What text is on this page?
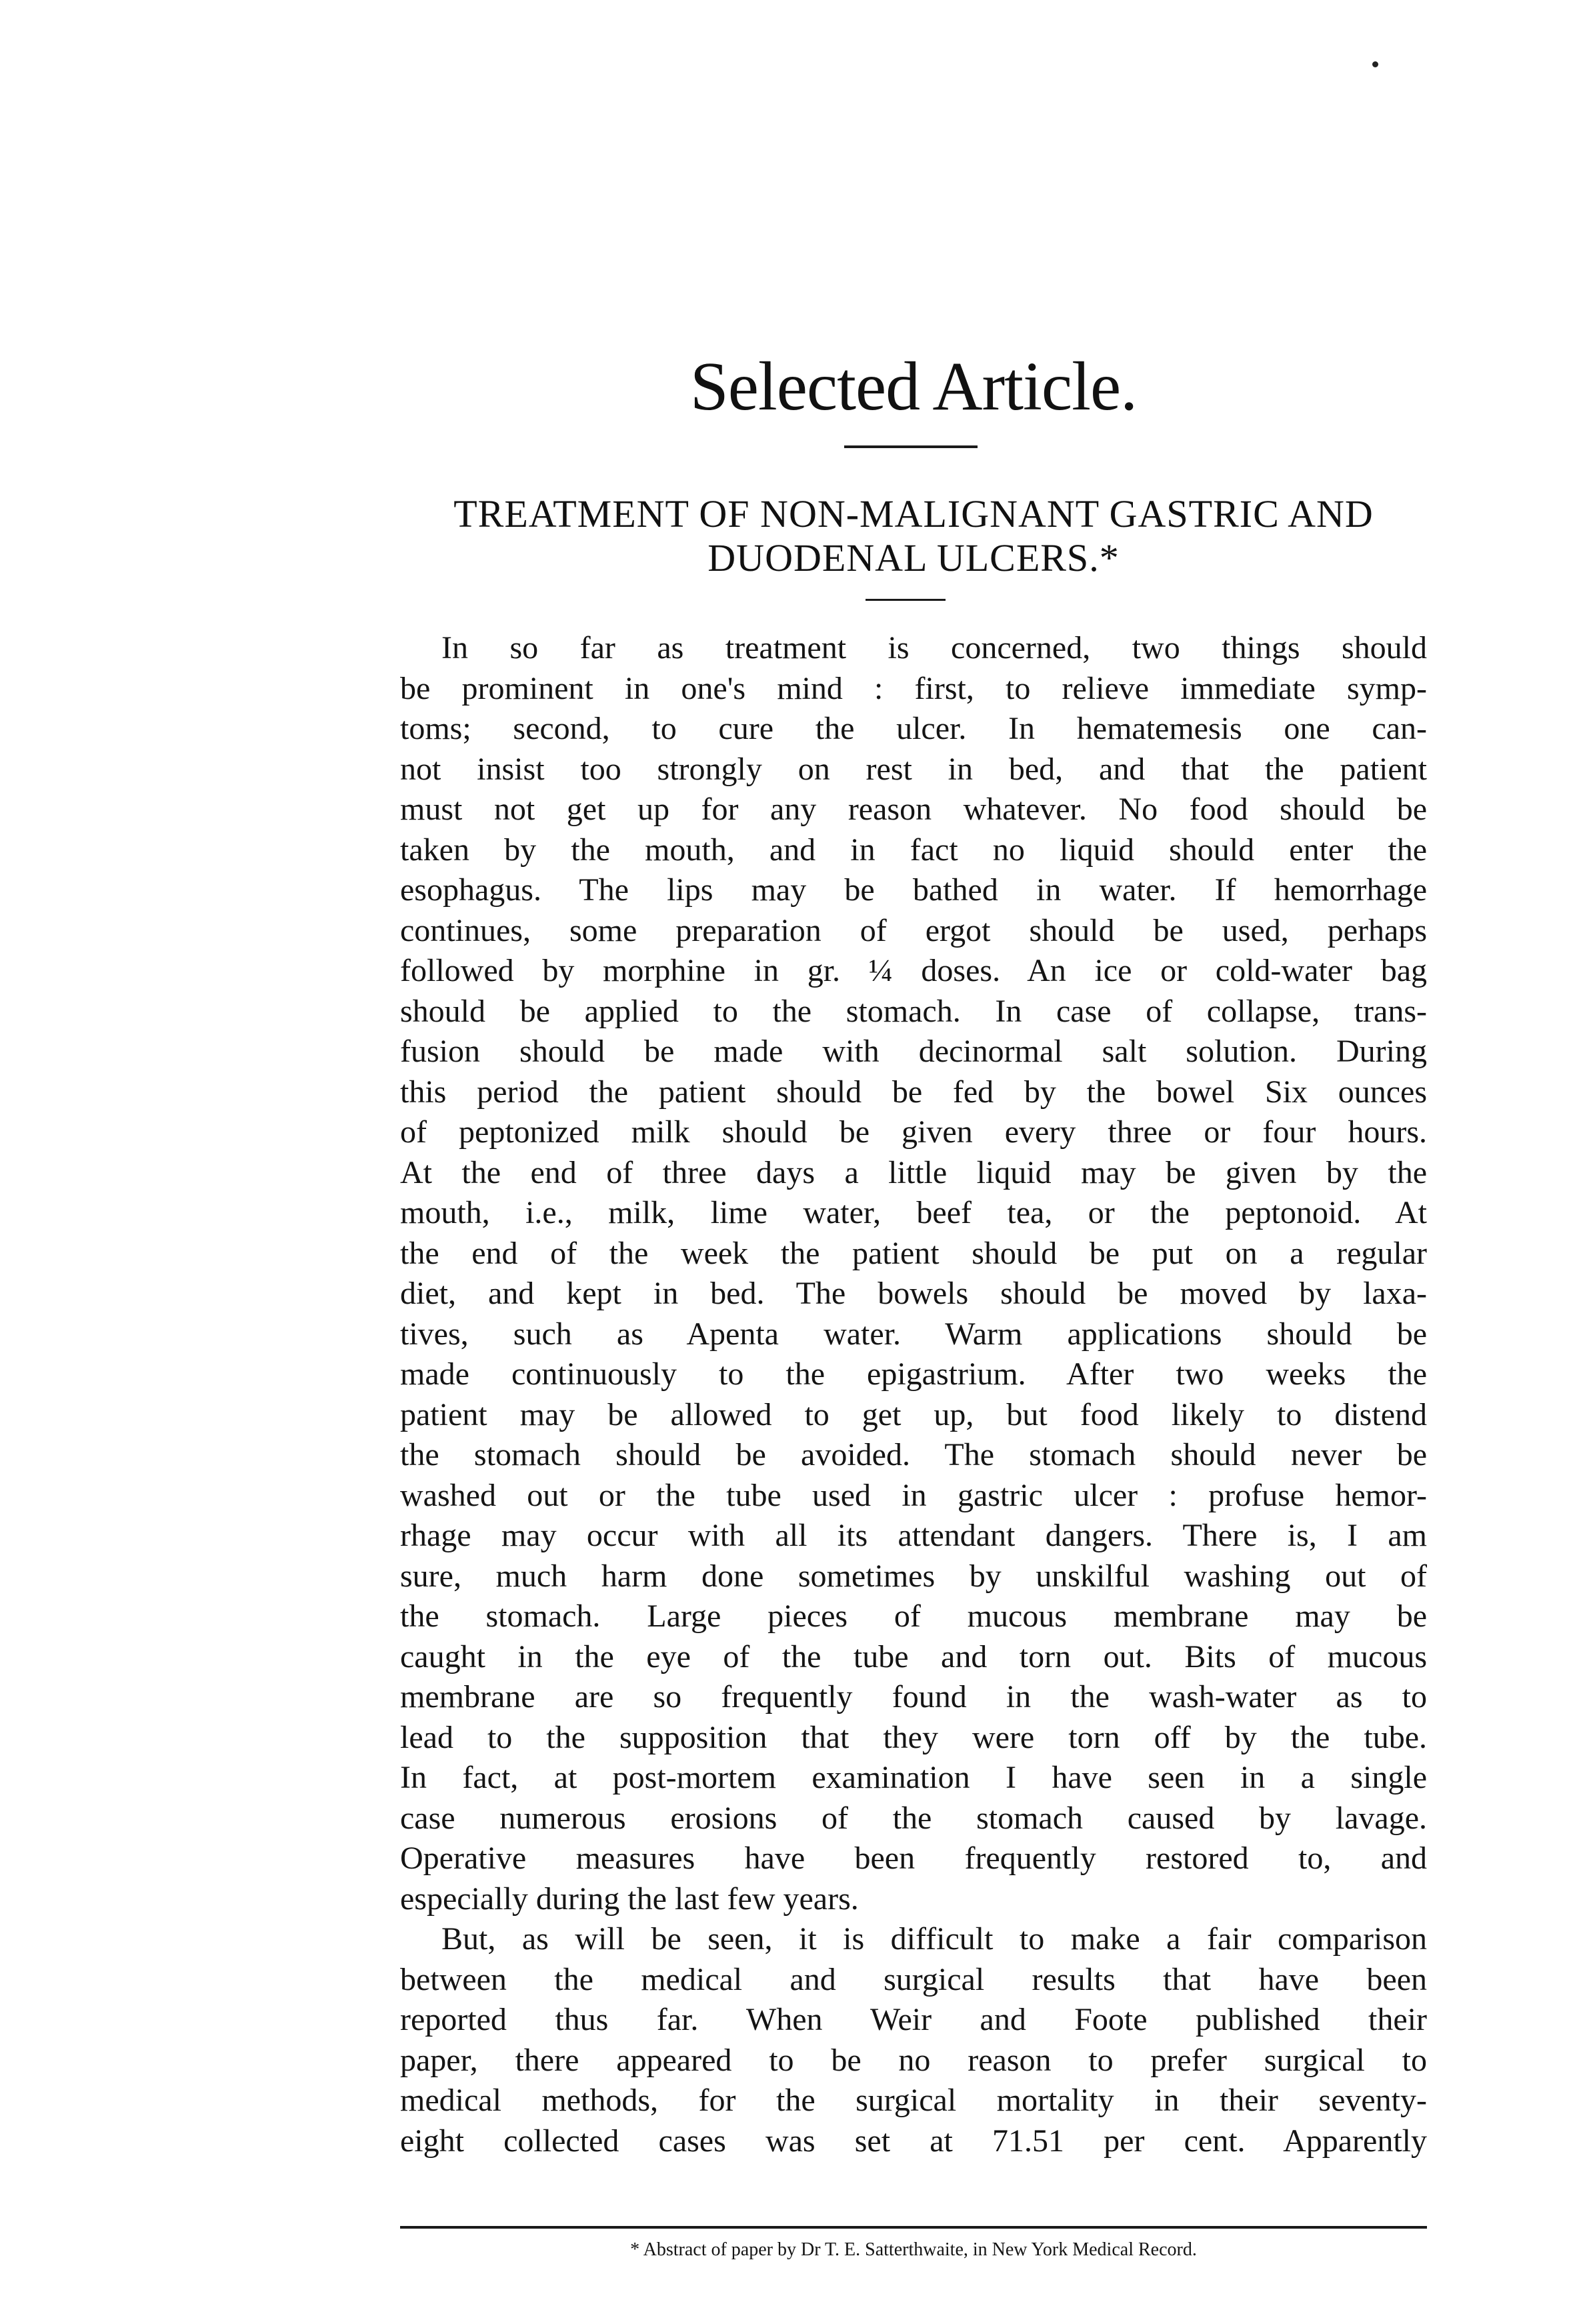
Selected Article.
TREATMENT OF NON-MALIGNANT GASTRIC AND
DUODENAL ULCERS.*
In so far as treatment is concerned, two things should
be prominent in one's mind : first, to relieve immediate symp-
toms; second, to cure the ulcer. In hematemesis one can-
not insist too strongly on rest in bed, and that the patient
must not get up for any reason whatever. No food should be
taken by the mouth, and in fact no liquid should enter the
esophagus. The lips may be bathed in water. If hemorrhage
continues, some preparation of ergot should be used, perhaps
followed by morphine in gr. ¼ doses. An ice or cold-water bag
should be applied to the stomach. In case of collapse, trans-
fusion should be made with decinormal salt solution. During
this period the patient should be fed by the bowel Six ounces
of peptonized milk should be given every three or four hours.
At the end of three days a little liquid may be given by the
mouth, i.e., milk, lime water, beef tea, or the peptonoid. At
the end of the week the patient should be put on a regular
diet, and kept in bed. The bowels should be moved by laxa-
tives, such as Apenta water. Warm applications should be
made continuously to the epigastrium. After two weeks the
patient may be allowed to get up, but food likely to distend
the stomach should be avoided. The stomach should never be
washed out or the tube used in gastric ulcer : profuse hemor-
rhage may occur with all its attendant dangers. There is, I am
sure, much harm done sometimes by unskilful washing out of
the stomach. Large pieces of mucous membrane may be
caught in the eye of the tube and torn out. Bits of mucous
membrane are so frequently found in the wash-water as to
lead to the supposition that they were torn off by the tube.
In fact, at post-mortem examination I have seen in a single
case numerous erosions of the stomach caused by lavage.
Operative measures have been frequently restored to, and
especially during the last few years.
But, as will be seen, it is difficult to make a fair comparison
between the medical and surgical results that have been
reported thus far. When Weir and Foote published their
paper, there appeared to be no reason to prefer surgical to
medical methods, for the surgical mortality in their seventy-
eight collected cases was set at 71.51 per cent. Apparently
* Abstract of paper by Dr T. E. Satterthwaite, in New York Medical Record.
